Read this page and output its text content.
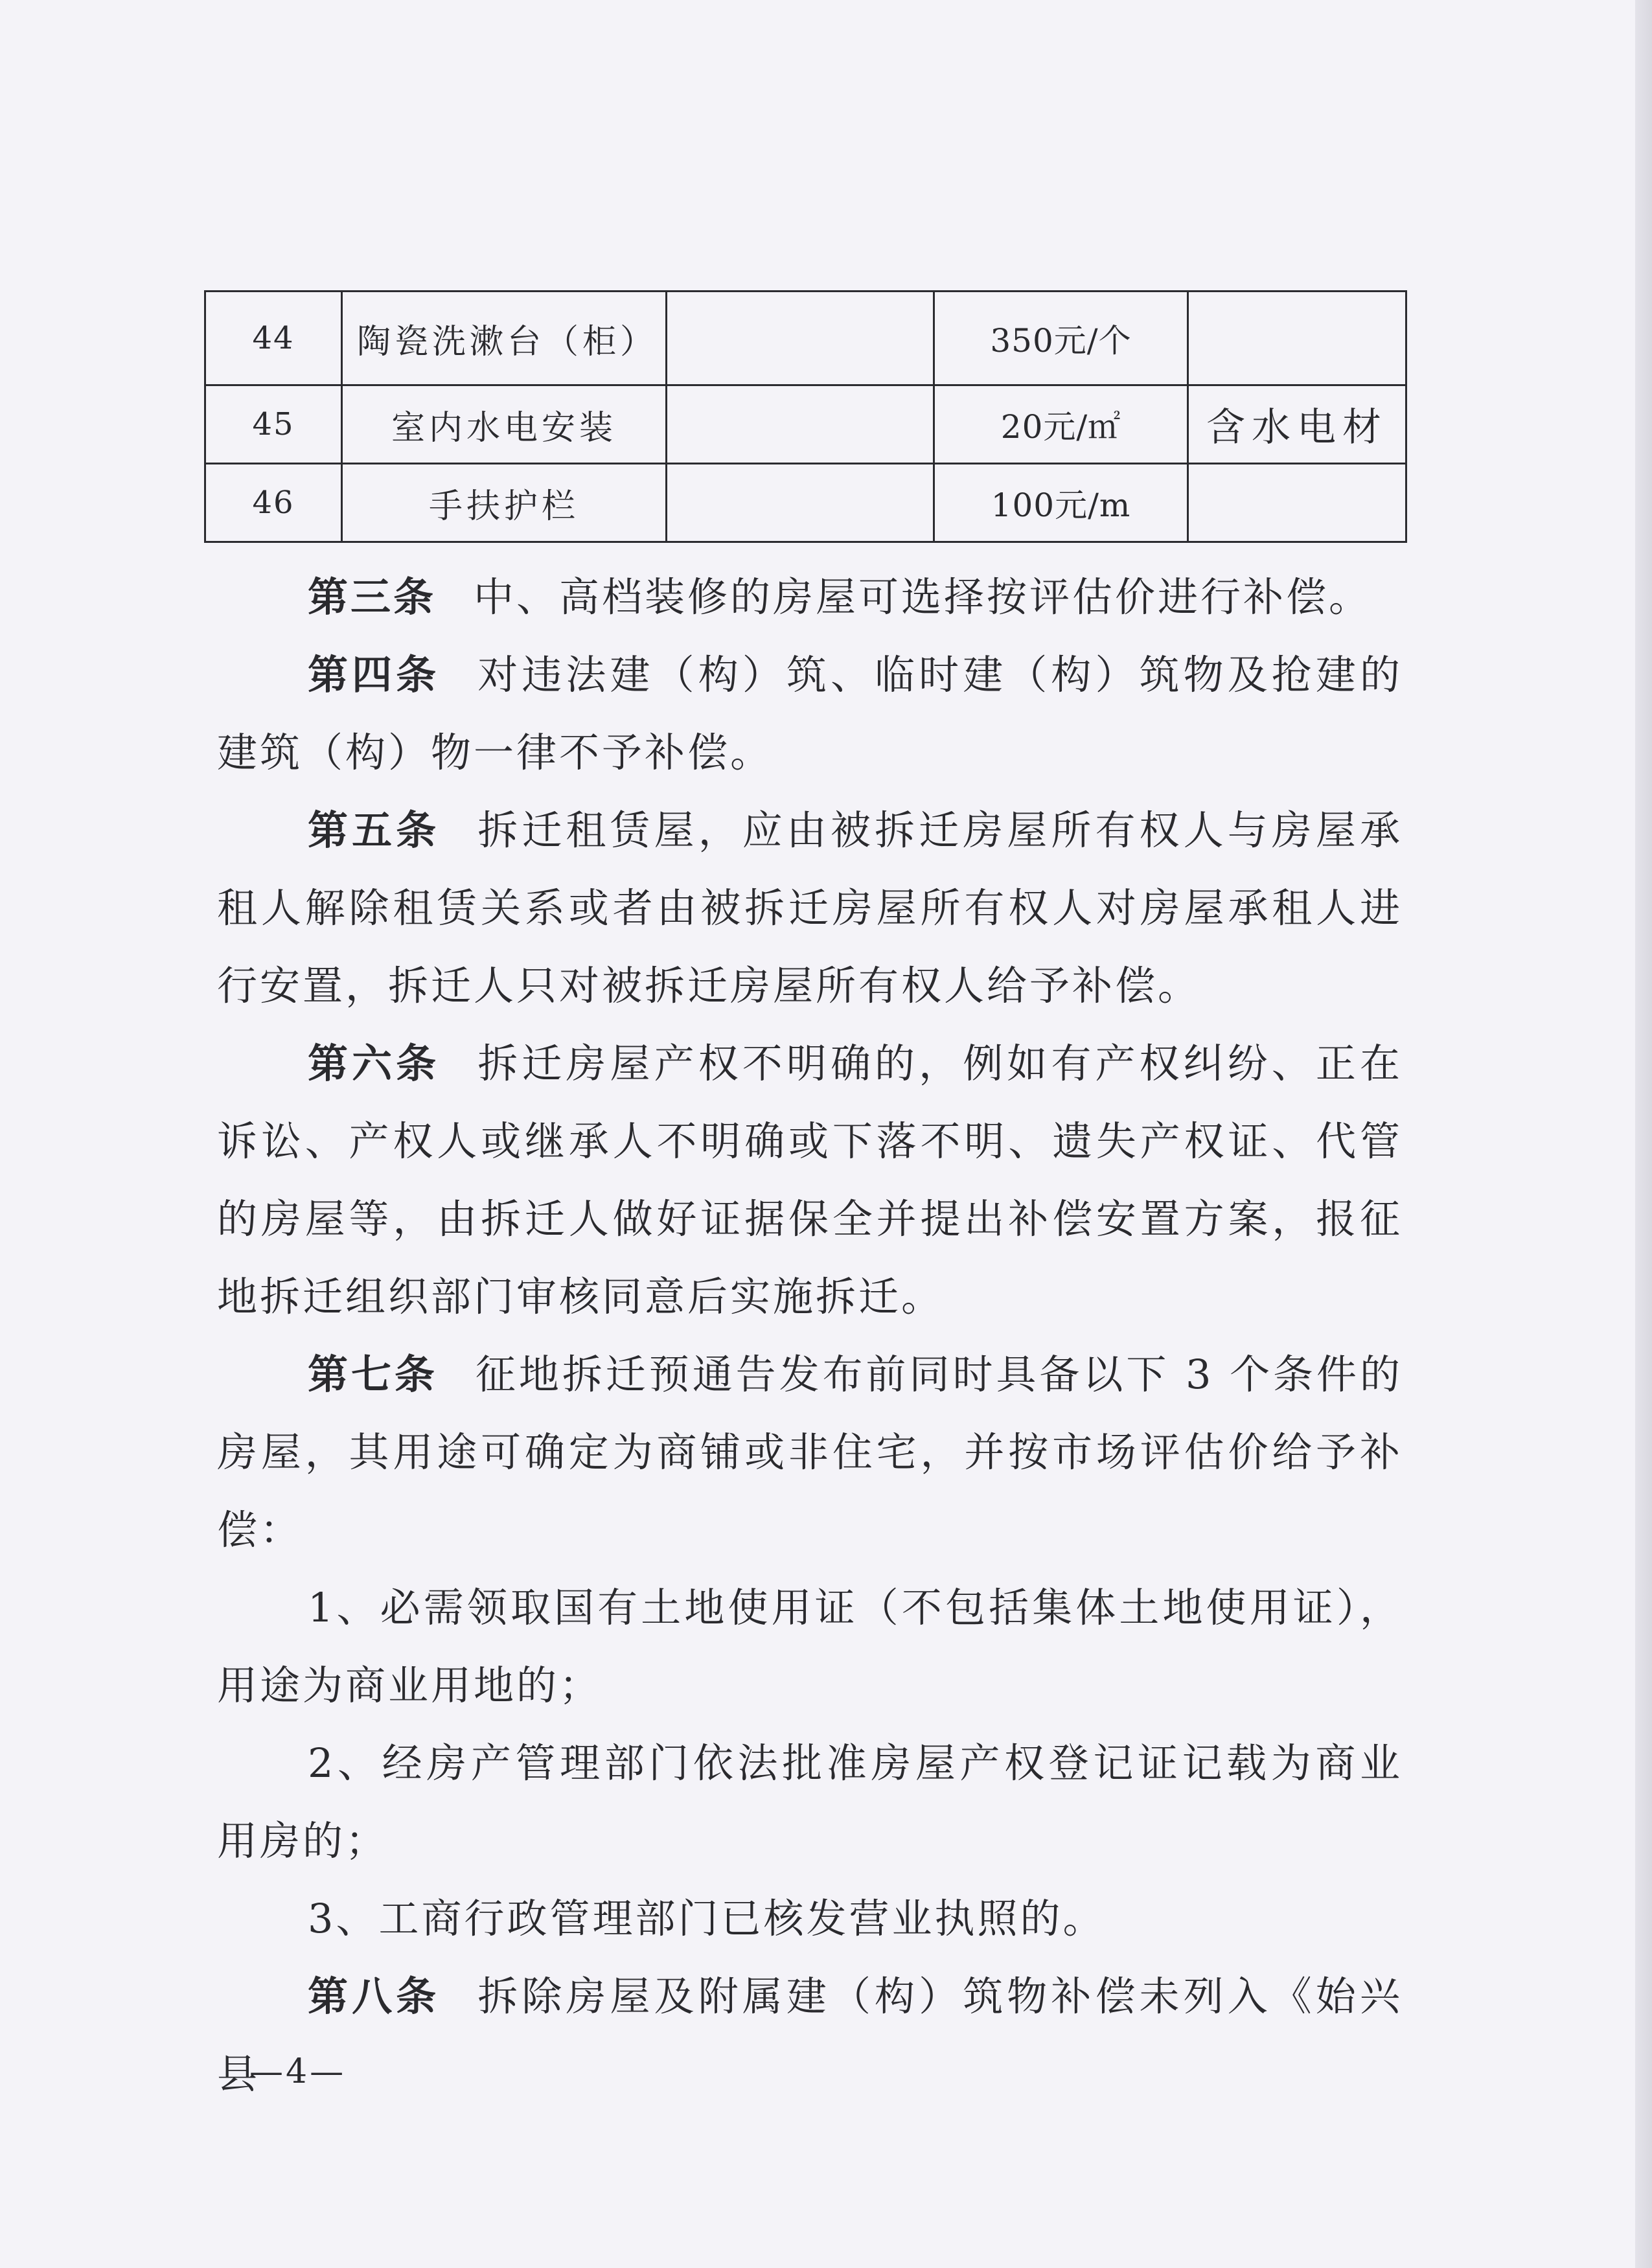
44	陶瓷洗漱台（柜）		350元/个	
45	室内水电安装		20元/㎡	含水电材
46	手扶护栏		100元/m	

第三条 中、高档装修的房屋可选择按评估价进行补偿。

第四条 对违法建（构）筑、临时建（构）筑物及抢建的建筑（构）物一律不予补偿。

第五条 拆迁租赁屋，应由被拆迁房屋所有权人与房屋承租人解除租赁关系或者由被拆迁房屋所有权人对房屋承租人进行安置，拆迁人只对被拆迁房屋所有权人给予补偿。

第六条 拆迁房屋产权不明确的，例如有产权纠纷、正在诉讼、产权人或继承人不明确或下落不明、遗失产权证、代管的房屋等，由拆迁人做好证据保全并提出补偿安置方案，报征地拆迁组织部门审核同意后实施拆迁。

第七条 征地拆迁预通告发布前同时具备以下 3 个条件的房屋，其用途可确定为商铺或非住宅，并按市场评估价给予补偿：

1、必需领取国有土地使用证（不包括集体土地使用证），用途为商业用地的；

2、经房产管理部门依法批准房屋产权登记证记载为商业用房的；

3、工商行政管理部门已核发营业执照的。

第八条 拆除房屋及附属建（构）筑物补偿未列入《始兴县

—4—
